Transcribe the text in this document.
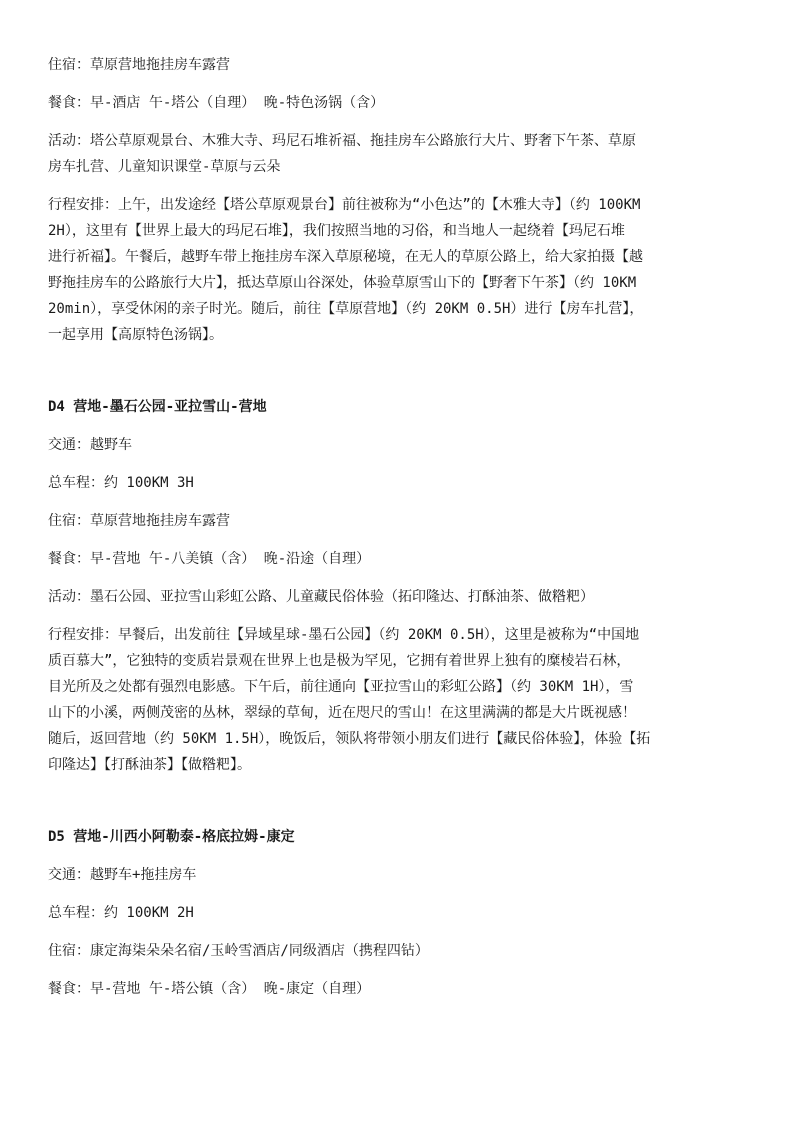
住宿：草原营地拖挂房车露营

餐食：早-酒店 午-塔公（自理） 晚-特色汤锅（含）

活动：塔公草原观景台、木雅大寺、玛尼石堆祈福、拖挂房车公路旅行大片、野奢下午茶、草原
房车扎营、儿童知识课堂-草原与云朵
行程安排：上午，出发途经【塔公草原观景台】前往被称为“小色达”的【木雅大寺】（约 100KM
2H），这里有【世界上最大的玛尼石堆】，我们按照当地的习俗，和当地人一起绕着【玛尼石堆
进行祈福】。午餐后，越野车带上拖挂房车深入草原秘境，在无人的草原公路上，给大家拍摄【越
野拖挂房车的公路旅行大片】，抵达草原山谷深处，体验草原雪山下的【野奢下午茶】（约 10KM
20min），享受休闲的亲子时光。随后，前往【草原营地】（约 20KM 0.5H）进行【房车扎营】，
一起享用【高原特色汤锅】。

D4 营地-墨石公园-亚拉雪山-营地

交通：越野车

总车程：约 100KM 3H

住宿：草原营地拖挂房车露营

餐食：早-营地 午-八美镇（含） 晚-沿途（自理）

活动：墨石公园、亚拉雪山彩虹公路、儿童藏民俗体验（拓印隆达、打酥油茶、做糌粑）

行程安排：早餐后，出发前往【异域星球-墨石公园】（约 20KM 0.5H），这里是被称为“中国地
质百慕大”，它独特的变质岩景观在世界上也是极为罕见，它拥有着世界上独有的糜棱岩石林，
目光所及之处都有强烈电影感。下午后，前往通向【亚拉雪山的彩虹公路】（约 30KM 1H），雪
山下的小溪，两侧茂密的丛林，翠绿的草甸，近在咫尺的雪山！在这里满满的都是大片既视感！
随后，返回营地（约 50KM 1.5H），晚饭后，领队将带领小朋友们进行【藏民俗体验】，体验【拓
印隆达】【打酥油茶】【做糌粑】。

D5 营地-川西小阿勒泰-格底拉姆-康定

交通：越野车+拖挂房车

总车程：约 100KM 2H

住宿：康定海柒朵朵名宿/玉岭雪酒店/同级酒店（携程四钻）

餐食：早-营地 午-塔公镇（含） 晚-康定（自理）
